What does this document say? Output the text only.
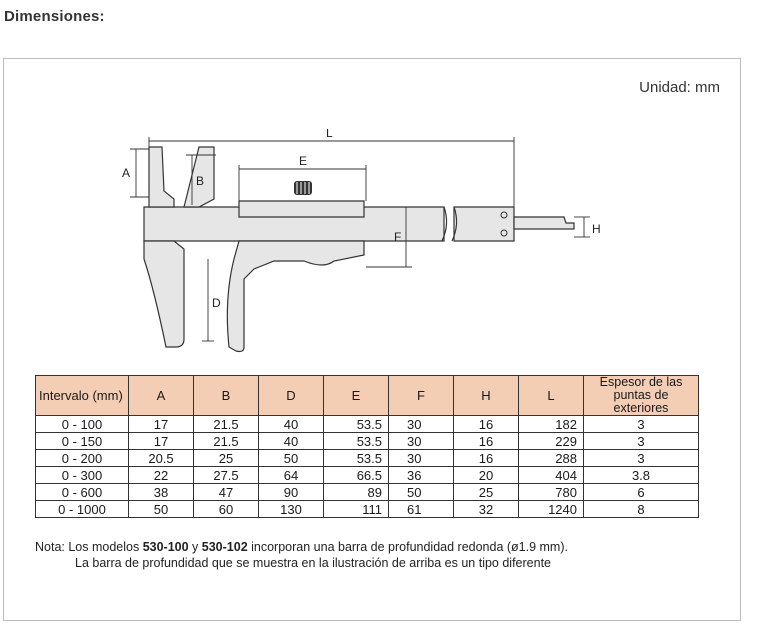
Dimensiones:
Unidad: mm
L
E
A
B
D
F
H
Intervalo (mm)	A	B	D	E	F	H	L	Espesor de las puntas de exteriores
0 - 100	17	21.5	40	53.5	30	16	182	3
0 - 150	17	21.5	40	53.5	30	16	229	3
0 - 200	20.5	25	50	53.5	30	16	288	3
0 - 300	22	27.5	64	66.5	36	20	404	3.8
0 - 600	38	47	90	89	50	25	780	6
0 - 1000	50	60	130	111	61	32	1240	8
Nota: Los modelos 530-100 y 530-102 incorporan una barra de profundidad redonda (ø1.9 mm).
La barra de profundidad que se muestra en la ilustración de arriba es un tipo diferente
